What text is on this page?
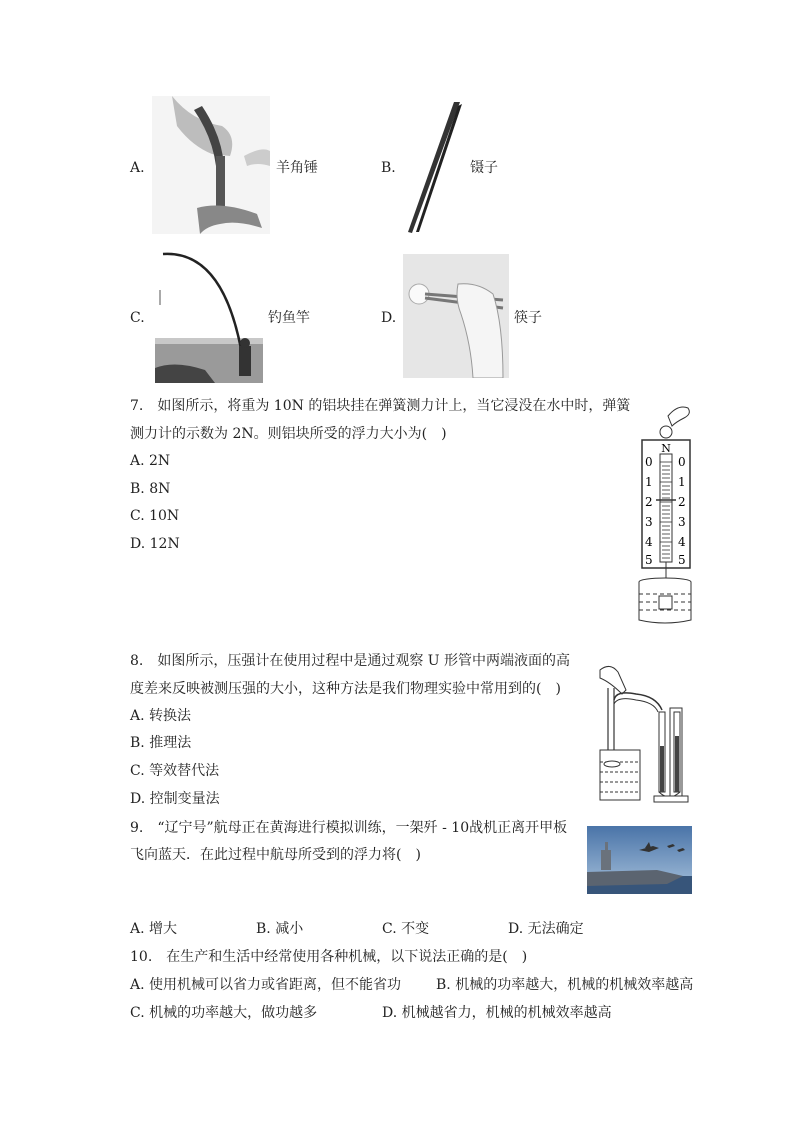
A.	羊角锤	B.	镊子
C.	钓鱼竿	D.	筷子
7.　如图所示，将重为 10N 的铝块挂在弹簧测力计上，当它浸没在水中时，弹簧
测力计的示数为 2N。则铝块所受的浮力大小为(　)
A. 2N
B. 8N
C. 10N
D. 12N
N
0
1
2
3
4
5
0
1
2
3
4
5
8.　如图所示，压强计在使用过程中是通过观察 U 形管中两端液面的高
度差来反映被测压强的大小，这种方法是我们物理实验中常用到的(　)
A. 转换法
B. 推理法
C. 等效替代法
D. 控制变量法
9.　“辽宁号”航母正在黄海进行模拟训练，一架歼 - 10战机正离开甲板
飞向蓝天．在此过程中航母所受到的浮力将(　)
A. 增大	B. 减小	C. 不变	D. 无法确定
10.　在生产和生活中经常使用各种机械，以下说法正确的是(　)
A. 使用机械可以省力或省距离，但不能省功 B. 机械的功率越大，机械的机械效率越高
C. 机械的功率越大，做功越多	D. 机械越省力，机械的机械效率越高
